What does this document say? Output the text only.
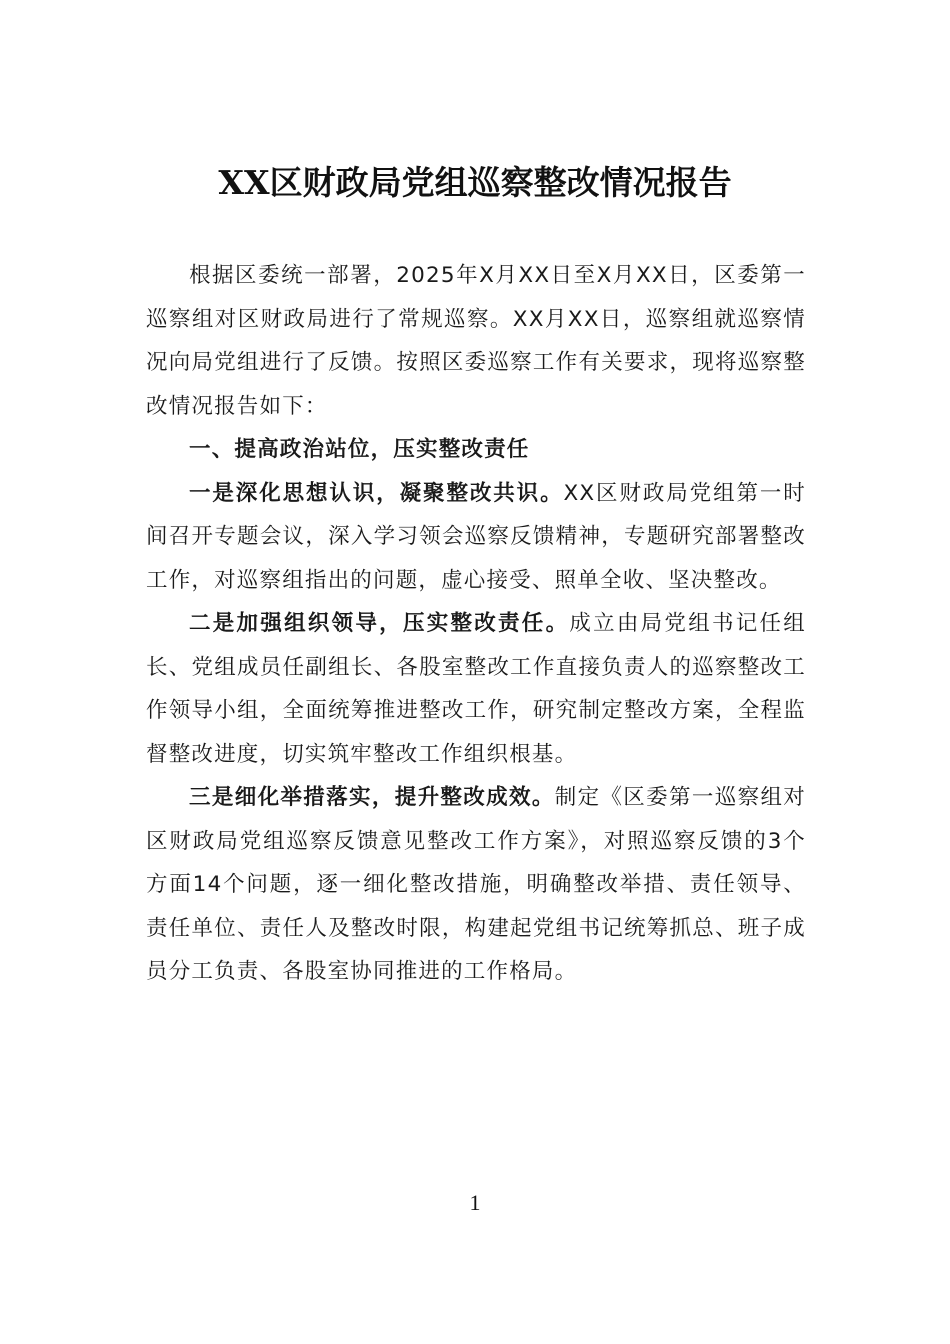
XX区财政局党组巡察整改情况报告

根据区委统一部署，2025年X月XX日至X月XX日，区委第一巡察组对区财政局进行了常规巡察。XX月XX日，巡察组就巡察情况向局党组进行了反馈。按照区委巡察工作有关要求，现将巡察整改情况报告如下：

一、提高政治站位，压实整改责任

一是深化思想认识，凝聚整改共识。XX区财政局党组第一时间召开专题会议，深入学习领会巡察反馈精神，专题研究部署整改工作，对巡察组指出的问题，虚心接受、照单全收、坚决整改。

二是加强组织领导，压实整改责任。成立由局党组书记任组长、党组成员任副组长、各股室整改工作直接负责人的巡察整改工作领导小组，全面统筹推进整改工作，研究制定整改方案，全程监督整改进度，切实筑牢整改工作组织根基。

三是细化举措落实，提升整改成效。制定《区委第一巡察组对区财政局党组巡察反馈意见整改工作方案》，对照巡察反馈的3个方面14个问题，逐一细化整改措施，明确整改举措、责任领导、责任单位、责任人及整改时限，构建起党组书记统筹抓总、班子成员分工负责、各股室协同推进的工作格局。

1
